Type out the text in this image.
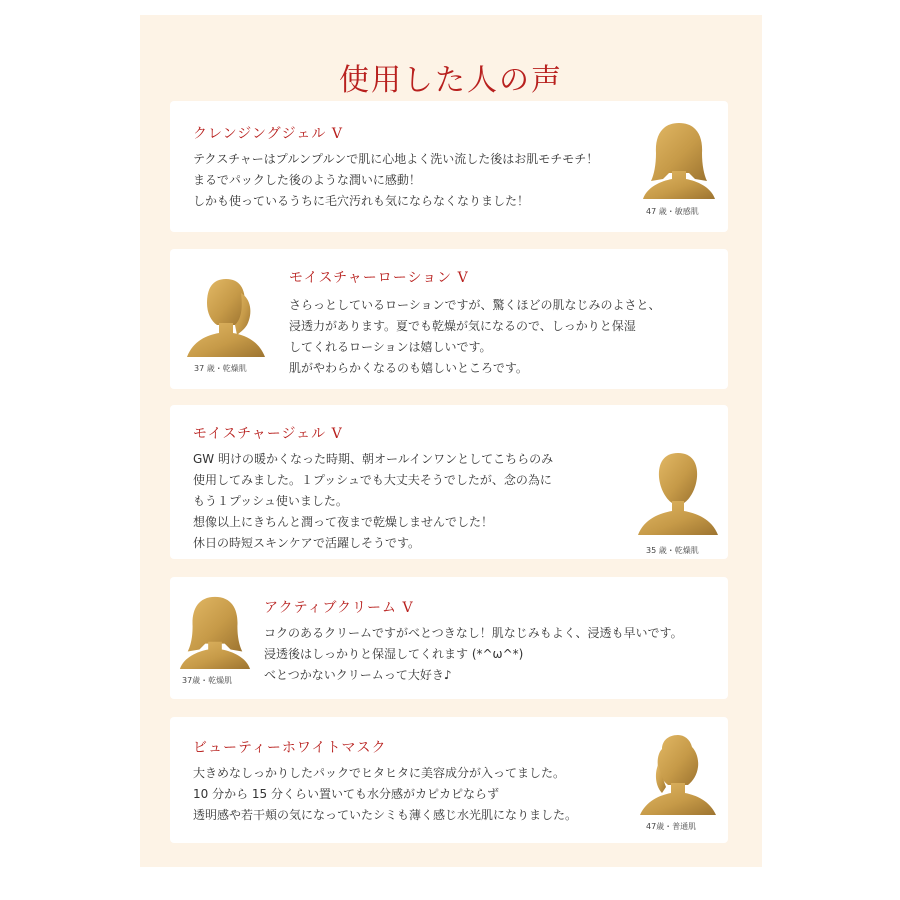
使用した人の声
クレンジングジェル V
テクスチャーはプルンプルンで肌に心地よく洗い流した後はお肌モチモチ！
まるでパックした後のような潤いに感動！
しかも使っているうちに毛穴汚れも気にならなくなりました！
47 歳・敏感肌
37 歳・乾燥肌
モイスチャーローション V
さらっとしているローションですが、驚くほどの肌なじみのよさと、
浸透力があります。夏でも乾燥が気になるので、しっかりと保湿
してくれるローションは嬉しいです。
肌がやわらかくなるのも嬉しいところです。
モイスチャージェル V
GW 明けの暖かくなった時期、朝オールインワンとしてこちらのみ
使用してみました。１プッシュでも大丈夫そうでしたが、念の為に
もう１プッシュ使いました。
想像以上にきちんと潤って夜まで乾燥しませんでした！
休日の時短スキンケアで活躍しそうです。
35 歳・乾燥肌
37歳・乾燥肌
アクティブクリーム V
コクのあるクリームですがべとつきなし！肌なじみもよく、浸透も早いです。
浸透後はしっかりと保湿してくれます (*^ω^*)
べとつかないクリームって大好き♪
ビューティーホワイトマスク
大きめなしっかりしたパックでヒタヒタに美容成分が入ってました。
10 分から 15 分くらい置いても水分感がカピカピならず
透明感や若干頬の気になっていたシミも薄く感じ水光肌になりました。
47歳・普通肌
